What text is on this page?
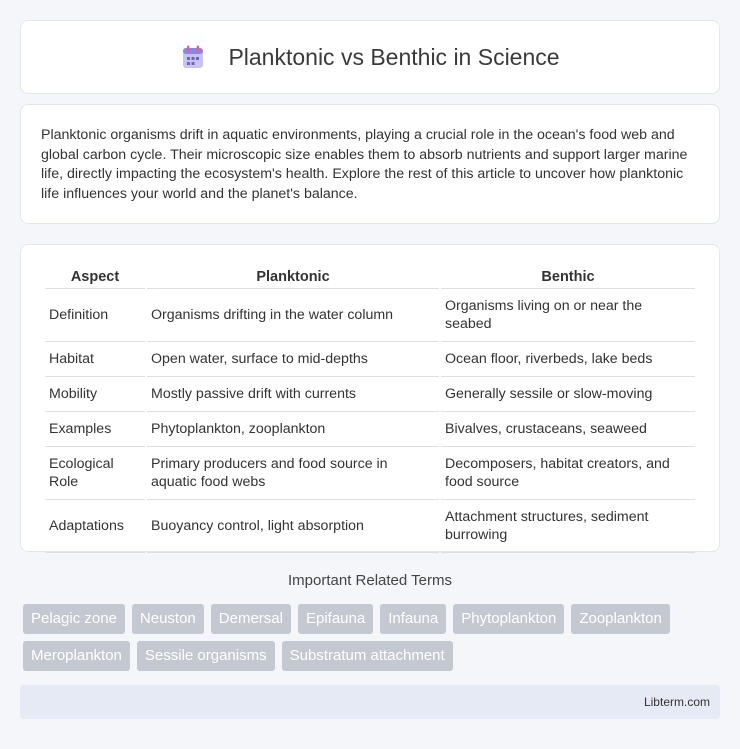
Planktonic vs Benthic in Science

Planktonic organisms drift in aquatic environments, playing a crucial role in the ocean's food web and global carbon cycle. Their microscopic size enables them to absorb nutrients and support larger marine life, directly impacting the ecosystem's health. Explore the rest of this article to uncover how planktonic life influences your world and the planet's balance.

Aspect	Planktonic	Benthic
Definition	Organisms drifting in the water column	Organisms living on or near the seabed
Habitat	Open water, surface to mid-depths	Ocean floor, riverbeds, lake beds
Mobility	Mostly passive drift with currents	Generally sessile or slow-moving
Examples	Phytoplankton, zooplankton	Bivalves, crustaceans, seaweed
Ecological Role	Primary producers and food source in aquatic food webs	Decomposers, habitat creators, and food source
Adaptations	Buoyancy control, light absorption	Attachment structures, sediment burrowing
Important Related Terms
Pelagic zone	Neuston	Demersal	Epifauna	Infauna	Phytoplankton	Zooplankton
Meroplankton	Sessile organisms	Substratum attachment
Libterm.com
